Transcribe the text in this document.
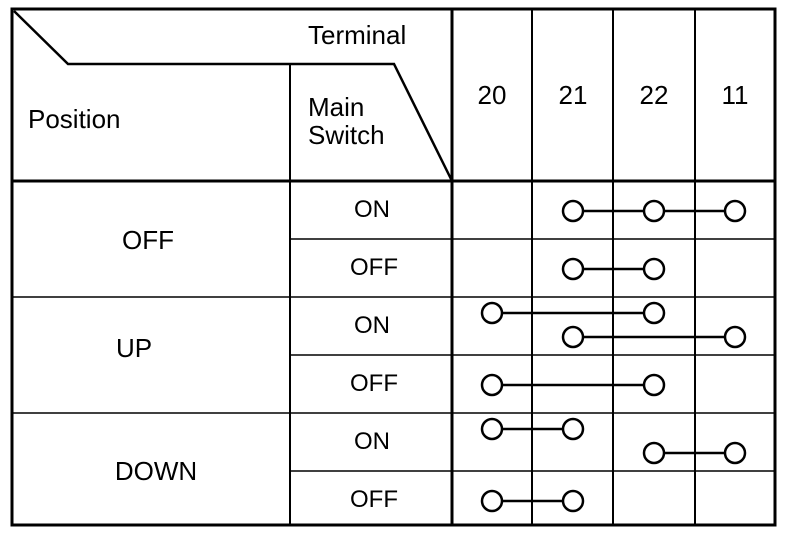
Terminal
Position	Main
Switch
20 21 22 11
OFF
UP
DOWN
ON
OFF
ON
OFF
ON
OFF
